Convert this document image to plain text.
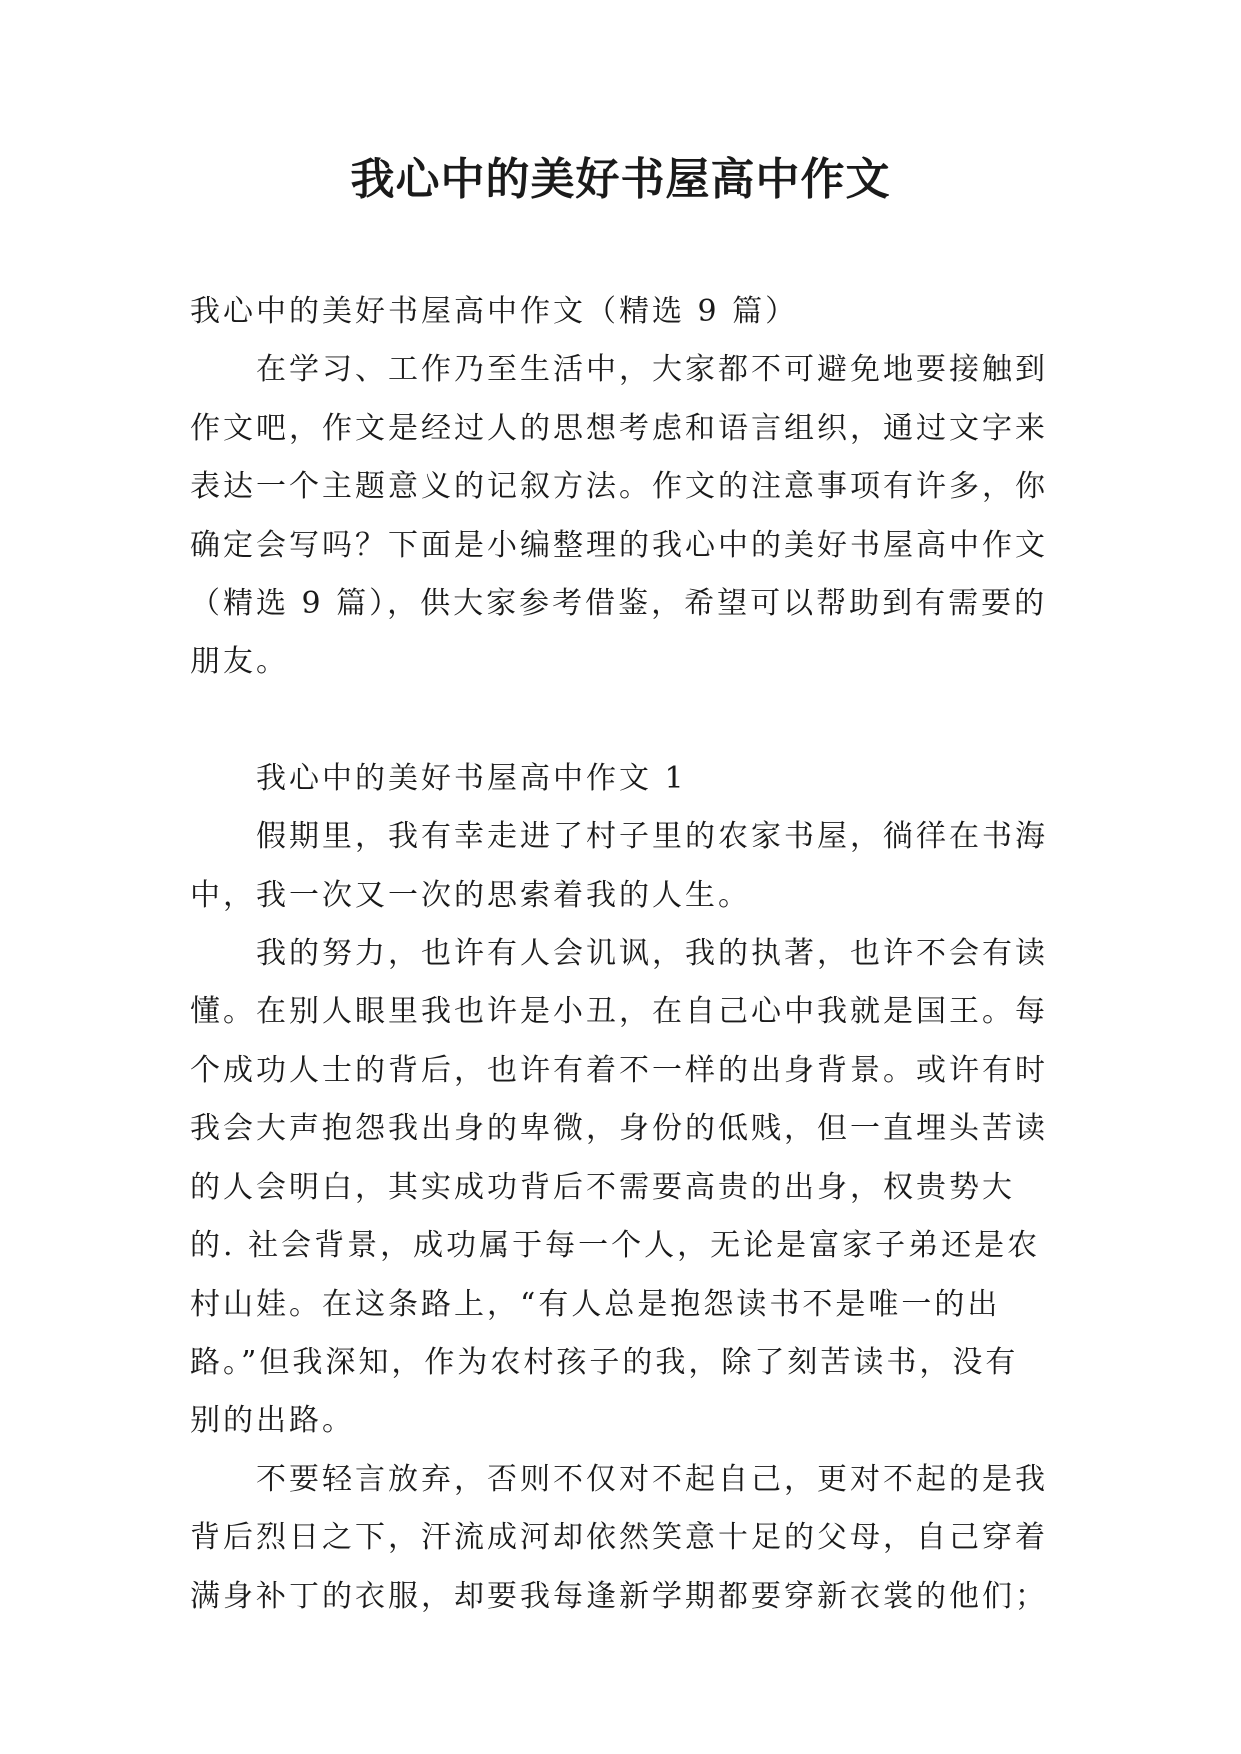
我心中的美好书屋高中作文

我心中的美好书屋高中作文（精选 9 篇）

在学习、工作乃至生活中，大家都不可避免地要接触到作文吧，作文是经过人的思想考虑和语言组织，通过文字来表达一个主题意义的记叙方法。作文的注意事项有许多，你确定会写吗？下面是小编整理的我心中的美好书屋高中作文（精选 9 篇），供大家参考借鉴，希望可以帮助到有需要的朋友。

我心中的美好书屋高中作文 1

假期里，我有幸走进了村子里的农家书屋，徜徉在书海中，我一次又一次的思索着我的人生。

我的努力，也许有人会讥讽，我的执著，也许不会有读懂。在别人眼里我也许是小丑，在自己心中我就是国王。每个成功人士的背后，也许有着不一样的出身背景。或许有时我会大声抱怨我出身的卑微，身份的低贱，但一直埋头苦读的人会明白，其实成功背后不需要高贵的出身，权贵势大的. 社会背景，成功属于每一个人，无论是富家子弟还是农村山娃。在这条路上，“有人总是抱怨读书不是唯一的出路。”但我深知，作为农村孩子的我，除了刻苦读书，没有别的出路。

不要轻言放弃，否则不仅对不起自己，更对不起的是我背后烈日之下，汗流成河却依然笑意十足的父母，自己穿着满身补丁的衣服，却要我每逢新学期都要穿新衣裳的他们；
